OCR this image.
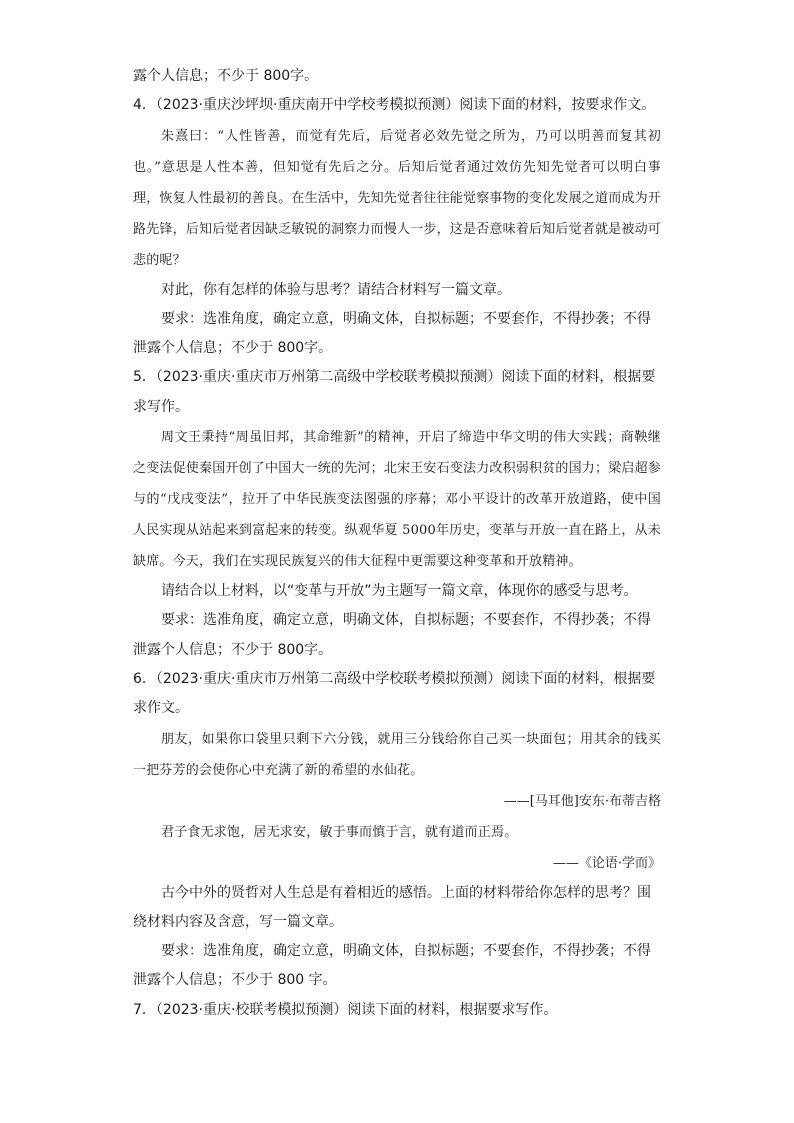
露个人信息；不少于 800字。

4．（2023·重庆沙坪坝·重庆南开中学校考模拟预测）阅读下面的材料，按要求作文。

朱熹曰：“人性皆善，而觉有先后，后觉者必效先觉之所为，乃可以明善而复其初也。”意思是人性本善，但知觉有先后之分。后知后觉者通过效仿先知先觉者可以明白事理，恢复人性最初的善良。在生活中，先知先觉者往往能觉察事物的变化发展之道而成为开路先锋，后知后觉者因缺乏敏锐的洞察力而慢人一步，这是否意味着后知后觉者就是被动可悲的呢？

对此，你有怎样的体验与思考？请结合材料写一篇文章。

要求：选准角度，确定立意，明确文体，自拟标题；不要套作，不得抄袭；不得泄露个人信息；不少于 800字。

5．（2023·重庆·重庆市万州第二高级中学校联考模拟预测）阅读下面的材料，根据要求写作。

周文王秉持“周虽旧邦，其命维新”的精神，开启了缔造中华文明的伟大实践；商鞅继之变法促使秦国开创了中国大一统的先河；北宋王安石变法力改积弱积贫的国力；梁启超参与的“戊戌变法”，拉开了中华民族变法图强的序幕；邓小平设计的改革开放道路，使中国人民实现从站起来到富起来的转变。纵观华夏 5000年历史，变革与开放一直在路上，从未缺席。今天，我们在实现民族复兴的伟大征程中更需要这种变革和开放精神。

请结合以上材料，以“变革与开放”为主题写一篇文章，体现你的感受与思考。

要求：选准角度，确定立意，明确文体，自拟标题；不要套作，不得抄袭；不得泄露个人信息；不少于 800字。

6．（2023·重庆·重庆市万州第二高级中学校联考模拟预测）阅读下面的材料，根据要求作文。

朋友，如果你口袋里只剩下六分钱，就用三分钱给你自己买一块面包；用其余的钱买一把芬芳的会使你心中充满了新的希望的水仙花。

——[马耳他]安东·布蒂吉格

君子食无求饱，居无求安，敏于事而慎于言，就有道而正焉。

——《论语·学而》

古今中外的贤哲对人生总是有着相近的感悟。上面的材料带给你怎样的思考？围绕材料内容及含意，写一篇文章。

要求：选准角度，确定立意，明确文体，自拟标题；不要套作，不得抄袭；不得泄露个人信息；不少于 800 字。

7．（2023·重庆·校联考模拟预测）阅读下面的材料，根据要求写作。
